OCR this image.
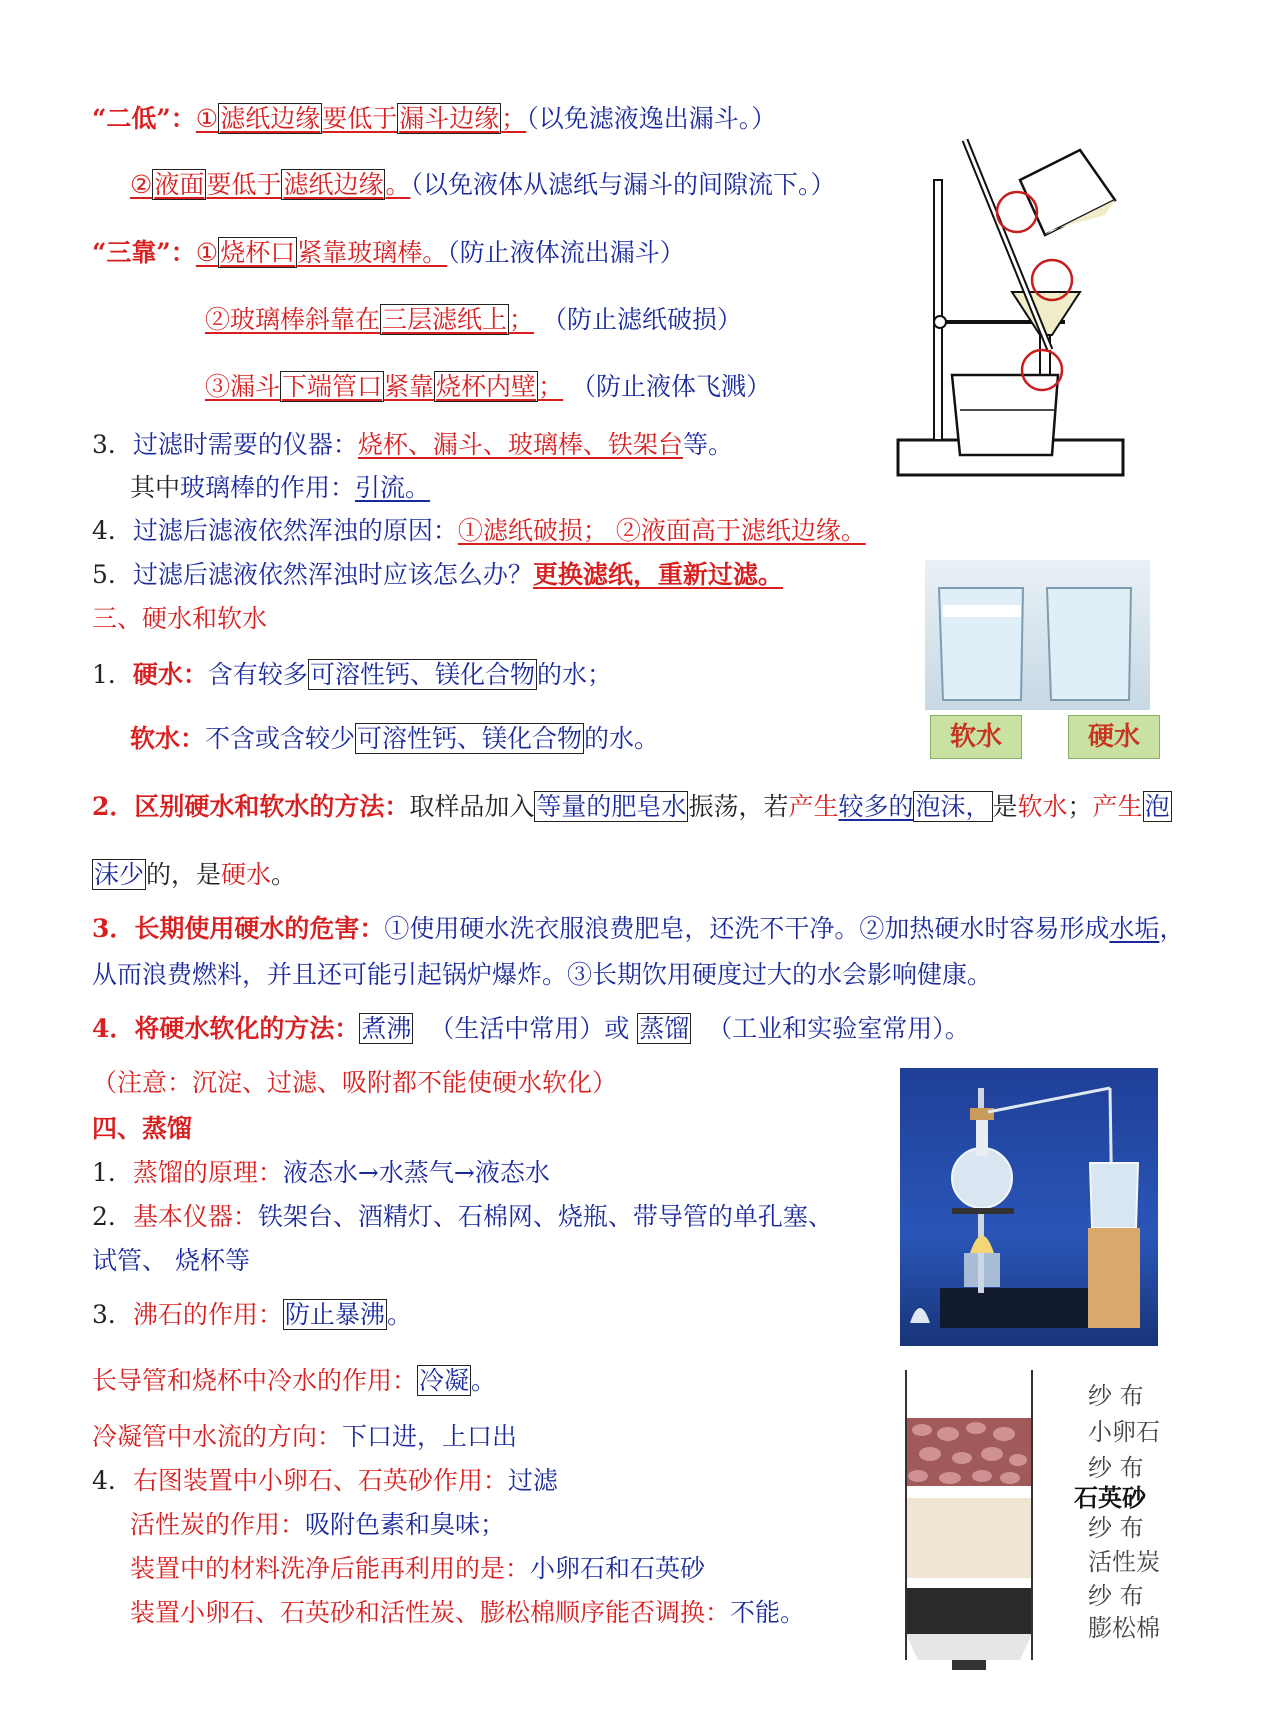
“二低”：①滤纸边缘要低于漏斗边缘；（以免滤液逸出漏斗。）
②液面要低于滤纸边缘。（以免液体从滤纸与漏斗的间隙流下。）
“三靠”：①烧杯口紧靠玻璃棒。（防止液体流出漏斗）
②玻璃棒斜靠在三层滤纸上； （防止滤纸破损）
③漏斗下端管口紧靠烧杯内壁； （防止液体飞溅）
3．过滤时需要的仪器：烧杯、漏斗、玻璃棒、铁架台等。
其中玻璃棒的作用：引流。
4．过滤后滤液依然浑浊的原因：①滤纸破损； ②液面高于滤纸边缘。
5．过滤后滤液依然浑浊时应该怎么办？更换滤纸，重新过滤。
三、硬水和软水
1．硬水：含有较多可溶性钙、镁化合物的水；
软水：不含或含较少可溶性钙、镁化合物的水。	软水	硬水
2．区别硬水和软水的方法：取样品加入等量的肥皂水振荡，若产生较多的泡沫，是软水；产生泡
沫少的，是硬水。
3．长期使用硬水的危害：①使用硬水洗衣服浪费肥皂，还洗不干净。②加热硬水时容易形成水垢，
从而浪费燃料，并且还可能引起锅炉爆炸。③长期饮用硬度过大的水会影响健康。
4．将硬水软化的方法：煮沸 （生活中常用）或 蒸馏 （工业和实验室常用）。
（注意：沉淀、过滤、吸附都不能使硬水软化）
四、蒸馏
1．蒸馏的原理：液态水→水蒸气→液态水
2．基本仪器：铁架台、酒精灯、石棉网、烧瓶、带导管的单孔塞、
试管、 烧杯等
3．沸石的作用：防止暴沸。
长导管和烧杯中冷水的作用：冷凝。
冷凝管中水流的方向：下口进，上口出
4．右图装置中小卵石、石英砂作用：过滤
活性炭的作用：吸附色素和臭味；
装置中的材料洗净后能再利用的是：小卵石和石英砂
装置小卵石、石英砂和活性炭、膨松棉顺序能否调换：不能。
纱 布
小卵石
纱 布
石英砂
纱 布
活性炭
纱 布
膨松棉
